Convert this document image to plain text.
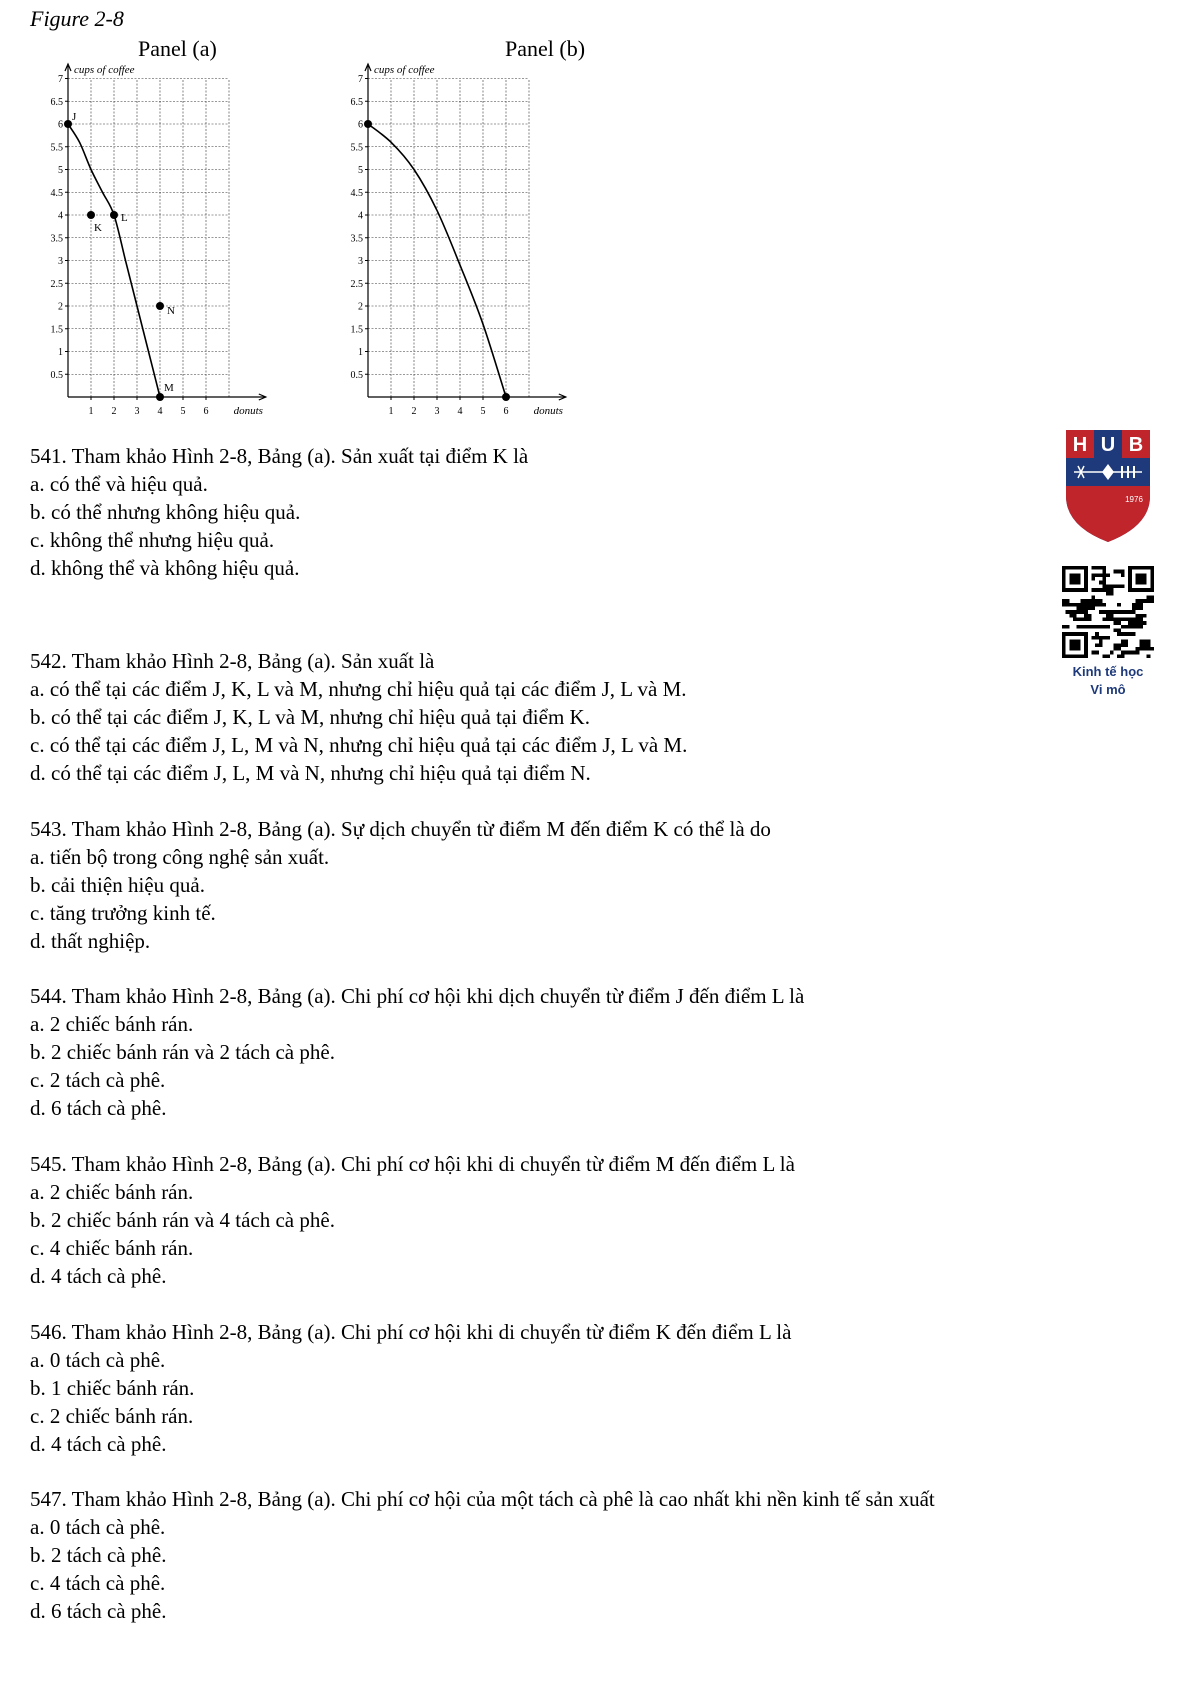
Figure 2-8
Panel (a)	Panel (b)
0.5
1
1.5
2
2.5
3
3.5
4
4.5
5
5.5
6
6.5
7
1 2 3 4 5 6
cups of coffee
donuts
J
K
L
N
M
0.5
1
1.5
2
2.5
3
3.5
4
4.5
5
5.5
6
6.5
7
1 2 3 4 5 6
cups of coffee
donuts
541. Tham khảo Hình 2-8, Bảng (a). Sản xuất tại điểm K là
a. có thể và hiệu quả.
b. có thể nhưng không hiệu quả.
c. không thể nhưng hiệu quả.
d. không thể và không hiệu quả.
542. Tham khảo Hình 2-8, Bảng (a). Sản xuất là
a. có thể tại các điểm J, K, L và M, nhưng chỉ hiệu quả tại các điểm J, L và M.
b. có thể tại các điểm J, K, L và M, nhưng chỉ hiệu quả tại điểm K.
c. có thể tại các điểm J, L, M và N, nhưng chỉ hiệu quả tại các điểm J, L và M.
d. có thể tại các điểm J, L, M và N, nhưng chỉ hiệu quả tại điểm N.
543. Tham khảo Hình 2-8, Bảng (a). Sự dịch chuyển từ điểm M đến điểm K có thể là do
a. tiến bộ trong công nghệ sản xuất.
b. cải thiện hiệu quả.
c. tăng trưởng kinh tế.
d. thất nghiệp.
544. Tham khảo Hình 2-8, Bảng (a). Chi phí cơ hội khi dịch chuyển từ điểm J đến điểm L là
a. 2 chiếc bánh rán.
b. 2 chiếc bánh rán và 2 tách cà phê.
c. 2 tách cà phê.
d. 6 tách cà phê.
545. Tham khảo Hình 2-8, Bảng (a). Chi phí cơ hội khi di chuyển từ điểm M đến điểm L là
a. 2 chiếc bánh rán.
b. 2 chiếc bánh rán và 4 tách cà phê.
c. 4 chiếc bánh rán.
d. 4 tách cà phê.
546. Tham khảo Hình 2-8, Bảng (a). Chi phí cơ hội khi di chuyển từ điểm K đến điểm L là
a. 0 tách cà phê.
b. 1 chiếc bánh rán.
c. 2 chiếc bánh rán.
d. 4 tách cà phê.
547. Tham khảo Hình 2-8, Bảng (a). Chi phí cơ hội của một tách cà phê là cao nhất khi nền kinh tế sản xuất
a. 0 tách cà phê.
b. 2 tách cà phê.
c. 4 tách cà phê.
d. 6 tách cà phê.
H U B
1976
Kinh tế học
Vi mô
